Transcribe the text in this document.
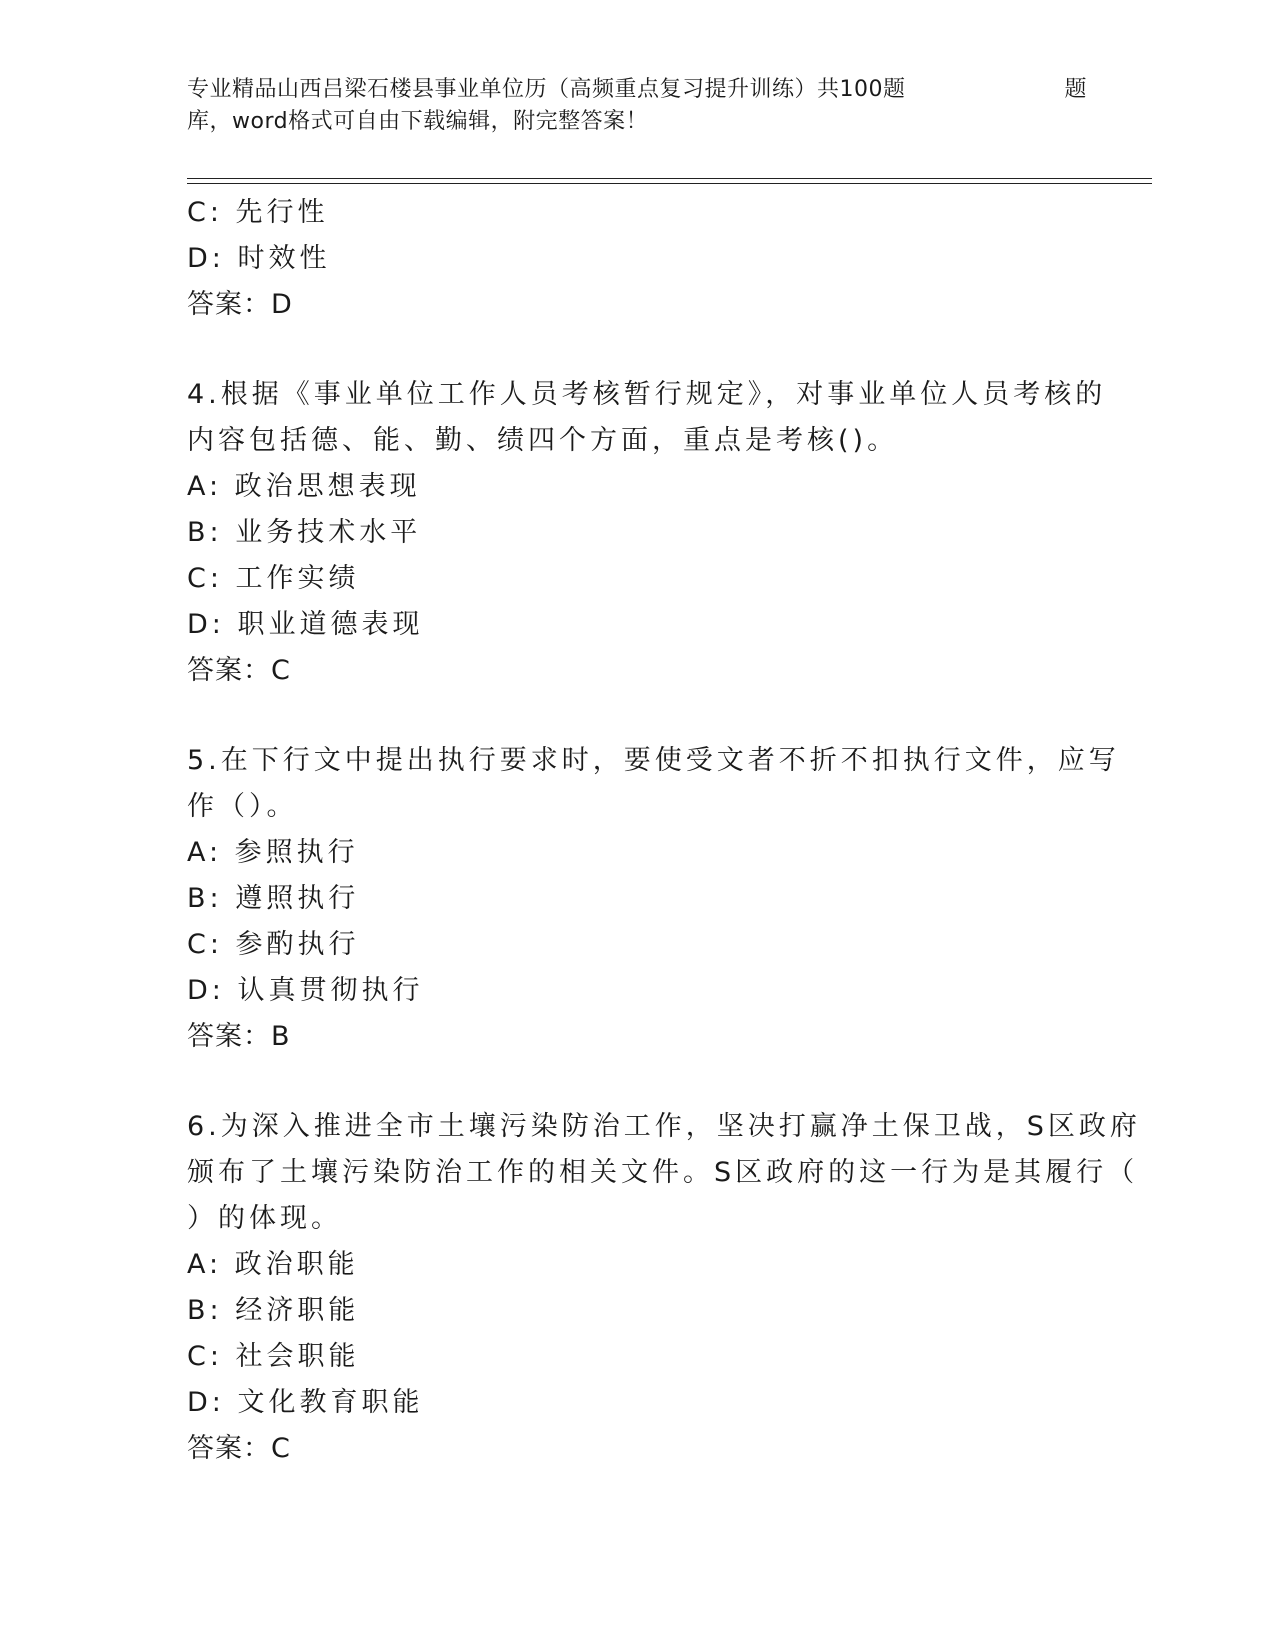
专业精品山西吕梁石楼县事业单位历（高频重点复习提升训练）共100题	题
库，word格式可自由下载编辑，附完整答案！
C: 先行性
D: 时效性
答案：D
4.根据《事业单位工作人员考核暂行规定》，对事业单位人员考核的
内容包括德、能、勤、绩四个方面，重点是考核()。
A: 政治思想表现
B: 业务技术水平
C: 工作实绩
D: 职业道德表现
答案：C
5.在下行文中提出执行要求时，要使受文者不折不扣执行文件，应写
作（）。
A: 参照执行
B: 遵照执行
C: 参酌执行
D: 认真贯彻执行
答案：B
6.为深入推进全市土壤污染防治工作，坚决打赢净土保卫战，S区政府
颁布了土壤污染防治工作的相关文件。S区政府的这一行为是其履行（
）的体现。
A: 政治职能
B: 经济职能
C: 社会职能
D: 文化教育职能
答案：C
